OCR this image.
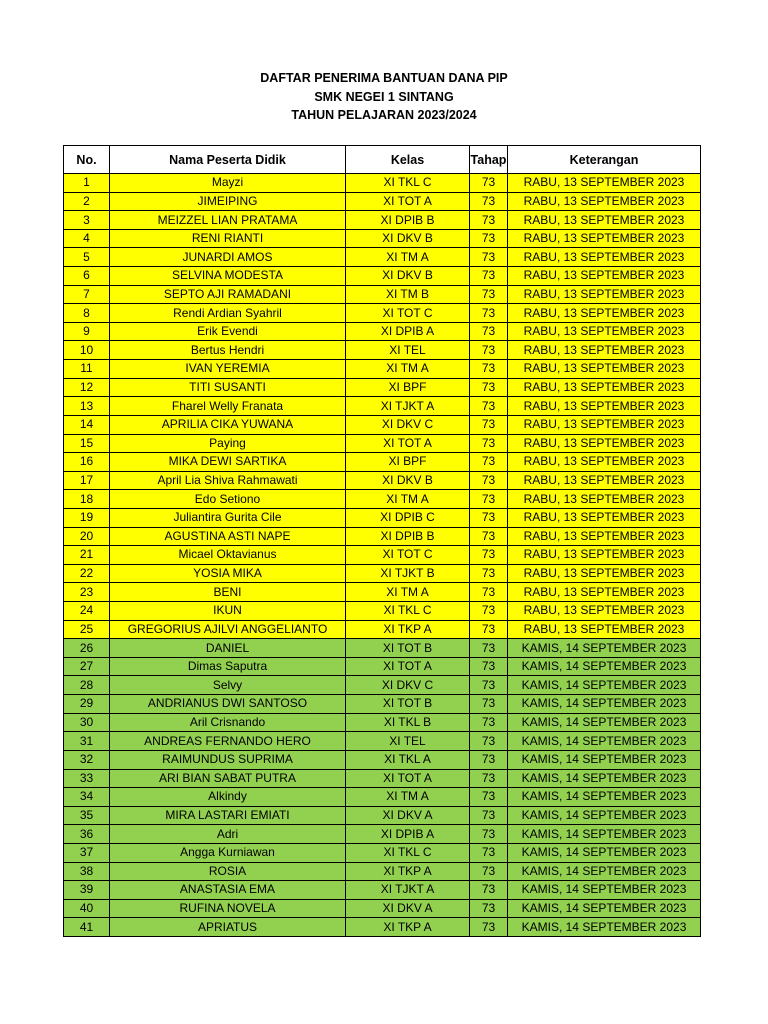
DAFTAR PENERIMA BANTUAN DANA PIP
SMK NEGEI 1 SINTANG
TAHUN PELAJARAN 2023/2024
No.	Nama Peserta Didik	Kelas	Tahap	Keterangan
1	Mayzi	XI TKL C	73	RABU, 13 SEPTEMBER 2023
2	JIMEIPING	XI TOT A	73	RABU, 13 SEPTEMBER 2023
3	MEIZZEL LIAN PRATAMA	XI DPIB B	73	RABU, 13 SEPTEMBER 2023
4	RENI RIANTI	XI DKV B	73	RABU, 13 SEPTEMBER 2023
5	JUNARDI AMOS	XI TM A	73	RABU, 13 SEPTEMBER 2023
6	SELVINA MODESTA	XI DKV B	73	RABU, 13 SEPTEMBER 2023
7	SEPTO AJI RAMADANI	XI TM B	73	RABU, 13 SEPTEMBER 2023
8	Rendi Ardian Syahril	XI TOT C	73	RABU, 13 SEPTEMBER 2023
9	Erik Evendi	XI DPIB A	73	RABU, 13 SEPTEMBER 2023
10	Bertus Hendri	XI TEL	73	RABU, 13 SEPTEMBER 2023
11	IVAN YEREMIA	XI TM A	73	RABU, 13 SEPTEMBER 2023
12	TITI SUSANTI	XI BPF	73	RABU, 13 SEPTEMBER 2023
13	Fharel Welly Franata	XI TJKT A	73	RABU, 13 SEPTEMBER 2023
14	APRILIA CIKA YUWANA	XI DKV C	73	RABU, 13 SEPTEMBER 2023
15	Paying	XI TOT A	73	RABU, 13 SEPTEMBER 2023
16	MIKA DEWI SARTIKA	XI BPF	73	RABU, 13 SEPTEMBER 2023
17	April Lia Shiva Rahmawati	XI DKV B	73	RABU, 13 SEPTEMBER 2023
18	Edo Setiono	XI TM A	73	RABU, 13 SEPTEMBER 2023
19	Juliantira Gurita Cile	XI DPIB C	73	RABU, 13 SEPTEMBER 2023
20	AGUSTINA ASTI NAPE	XI DPIB B	73	RABU, 13 SEPTEMBER 2023
21	Micael Oktavianus	XI TOT C	73	RABU, 13 SEPTEMBER 2023
22	YOSIA MIKA	XI TJKT B	73	RABU, 13 SEPTEMBER 2023
23	BENI	XI TM A	73	RABU, 13 SEPTEMBER 2023
24	IKUN	XI TKL C	73	RABU, 13 SEPTEMBER 2023
25	GREGORIUS AJILVI ANGGELIANTO	XI TKP A	73	RABU, 13 SEPTEMBER 2023
26	DANIEL	XI TOT B	73	KAMIS, 14 SEPTEMBER 2023
27	Dimas Saputra	XI TOT A	73	KAMIS, 14 SEPTEMBER 2023
28	Selvy	XI DKV C	73	KAMIS, 14 SEPTEMBER 2023
29	ANDRIANUS DWI SANTOSO	XI TOT B	73	KAMIS, 14 SEPTEMBER 2023
30	Aril Crisnando	XI TKL B	73	KAMIS, 14 SEPTEMBER 2023
31	ANDREAS FERNANDO HERO	XI TEL	73	KAMIS, 14 SEPTEMBER 2023
32	RAIMUNDUS SUPRIMA	XI TKL A	73	KAMIS, 14 SEPTEMBER 2023
33	ARI BIAN SABAT PUTRA	XI TOT A	73	KAMIS, 14 SEPTEMBER 2023
34	Alkindy	XI TM A	73	KAMIS, 14 SEPTEMBER 2023
35	MIRA LASTARI EMIATI	XI DKV A	73	KAMIS, 14 SEPTEMBER 2023
36	Adri	XI DPIB A	73	KAMIS, 14 SEPTEMBER 2023
37	Angga Kurniawan	XI TKL C	73	KAMIS, 14 SEPTEMBER 2023
38	ROSIA	XI TKP A	73	KAMIS, 14 SEPTEMBER 2023
39	ANASTASIA EMA	XI TJKT A	73	KAMIS, 14 SEPTEMBER 2023
40	RUFINA NOVELA	XI DKV A	73	KAMIS, 14 SEPTEMBER 2023
41	APRIATUS	XI TKP A	73	KAMIS, 14 SEPTEMBER 2023
